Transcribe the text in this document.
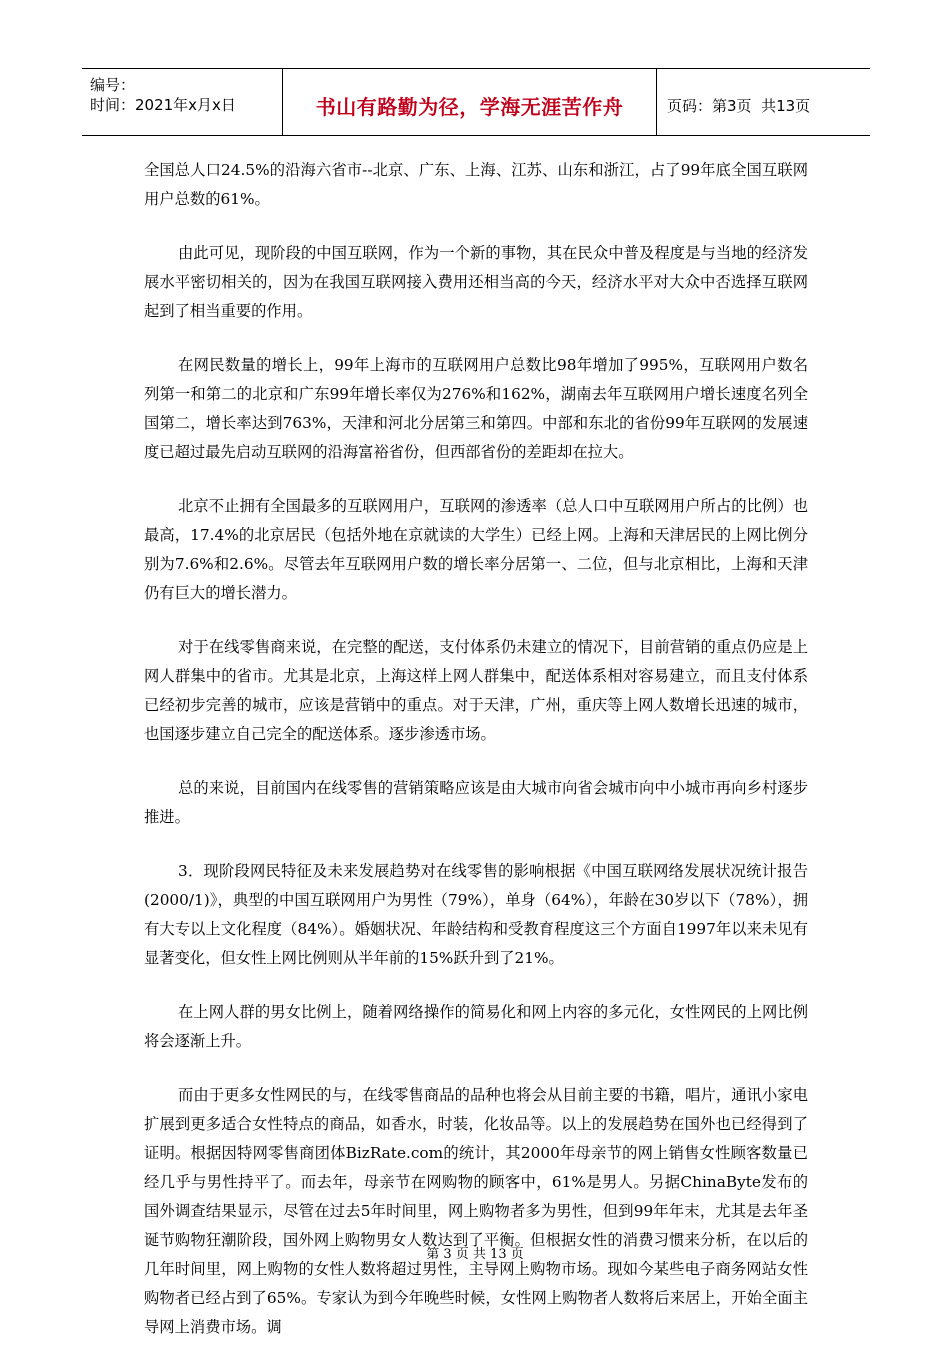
编号：
时间：2021年x月x日	书山有路勤为径，学海无涯苦作舟	页码：第3页  共13页

全国总人口24.5%的沿海六省市--北京、广东、上海、江苏、山东和浙江，占了99年底全国互联网用户总数的61%。

由此可见，现阶段的中国互联网，作为一个新的事物，其在民众中普及程度是与当地的经济发展水平密切相关的，因为在我国互联网接入费用还相当高的今天，经济水平对大众中否选择互联网起到了相当重要的作用。

在网民数量的增长上，99年上海市的互联网用户总数比98年增加了995%，互联网用户数名列第一和第二的北京和广东99年增长率仅为276%和162%，湖南去年互联网用户增长速度名列全国第二，增长率达到763%，天津和河北分居第三和第四。中部和东北的省份99年互联网的发展速度已超过最先启动互联网的沿海富裕省份，但西部省份的差距却在拉大。

北京不止拥有全国最多的互联网用户，互联网的渗透率（总人口中互联网用户所占的比例）也最高，17.4%的北京居民（包括外地在京就读的大学生）已经上网。上海和天津居民的上网比例分别为7.6%和2.6%。尽管去年互联网用户数的增长率分居第一、二位，但与北京相比，上海和天津仍有巨大的增长潜力。

对于在线零售商来说，在完整的配送，支付体系仍未建立的情况下，目前营销的重点仍应是上网人群集中的省市。尤其是北京，上海这样上网人群集中，配送体系相对容易建立，而且支付体系已经初步完善的城市，应该是营销中的重点。对于天津，广州，重庆等上网人数增长迅速的城市，也国逐步建立自己完全的配送体系。逐步渗透市场。

总的来说，目前国内在线零售的营销策略应该是由大城市向省会城市向中小城市再向乡村逐步推进。

3．现阶段网民特征及未来发展趋势对在线零售的影响根据《中国互联网络发展状况统计报告(2000/1)》，典型的中国互联网用户为男性（79%），单身（64%），年龄在30岁以下（78%），拥有大专以上文化程度（84%）。婚姻状况、年龄结构和受教育程度这三个方面自1997年以来未见有显著变化，但女性上网比例则从半年前的15%跃升到了21%。

在上网人群的男女比例上，随着网络操作的简易化和网上内容的多元化，女性网民的上网比例将会逐渐上升。

而由于更多女性网民的与，在线零售商品的品种也将会从目前主要的书籍，唱片，通讯小家电扩展到更多适合女性特点的商品，如香水，时装，化妆品等。以上的发展趋势在国外也已经得到了证明。根据因特网零售商团体BizRate.com的统计，其2000年母亲节的网上销售女性顾客数量已经几乎与男性持平了。而去年，母亲节在网购物的顾客中，61%是男人。另据ChinaByte发布的国外调查结果显示，尽管在过去5年时间里，网上购物者多为男性，但到99年年末，尤其是去年圣诞节购物狂潮阶段，国外网上购物男女人数达到了平衡。但根据女性的消费习惯来分析，在以后的几年时间里，网上购物的女性人数将超过男性，主导网上购物市场。现如今某些电子商务网站女性购物者已经占到了65%。专家认为到今年晚些时候，女性网上购物者人数将后来居上，开始全面主导网上消费市场。调

第 3 页 共 13 页
